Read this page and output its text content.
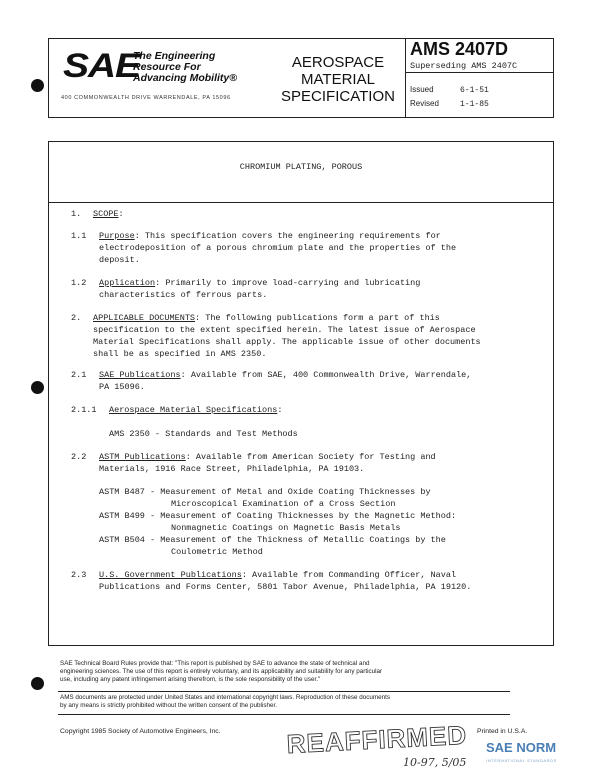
SAE
The Engineering
Resource For
Advancing Mobility®
400 COMMONWEALTH DRIVE WARRENDALE, PA 15096
AEROSPACE
MATERIAL
SPECIFICATION
AMS 2407D
Superseding AMS 2407C
Issued	6-1-51
Revised	1-1-85
CHROMIUM PLATING, POROUS
1. SCOPE:
1.1 Purpose: This specification covers the engineering requirements for
electrodeposition of a porous chromium plate and the properties of the
deposit.
1.2 Application: Primarily to improve load-carrying and lubricating
characteristics of ferrous parts.
2. APPLICABLE DOCUMENTS: The following publications form a part of this
specification to the extent specified herein. The latest issue of Aerospace
Material Specifications shall apply. The applicable issue of other documents
shall be as specified in AMS 2350.
2.1 SAE Publications: Available from SAE, 400 Commonwealth Drive, Warrendale,
PA 15096.
2.1.1 Aerospace Material Specifications:
AMS 2350 - Standards and Test Methods
2.2 ASTM Publications: Available from American Society for Testing and
Materials, 1916 Race Street, Philadelphia, PA 19103.
ASTM B487 - Measurement of Metal and Oxide Coating Thicknesses by
Microscopical Examination of a Cross Section
ASTM B499 - Measurement of Coating Thicknesses by the Magnetic Method:
Nonmagnetic Coatings on Magnetic Basis Metals
ASTM B504 - Measurement of the Thickness of Metallic Coatings by the
Coulometric Method
2.3 U.S. Government Publications: Available from Commanding Officer, Naval
Publications and Forms Center, 5801 Tabor Avenue, Philadelphia, PA 19120.
SAE Technical Board Rules provide that: "This report is published by SAE to advance the state of technical and
engineering sciences. The use of this report is entirely voluntary, and its applicability and suitability for any particular
use, including any patent infringement arising therefrom, is the sole responsibility of the user."
AMS documents are protected under United States and international copyright laws. Reproduction of these documents
by any means is strictly prohibited without the written consent of the publisher.
Copyright 1985 Society of Automotive Engineers, Inc.	Printed in U.S.A.
REAFFIRMED
10-97, 5/05
SAE NORM
INTERNATIONAL STANDARDS
